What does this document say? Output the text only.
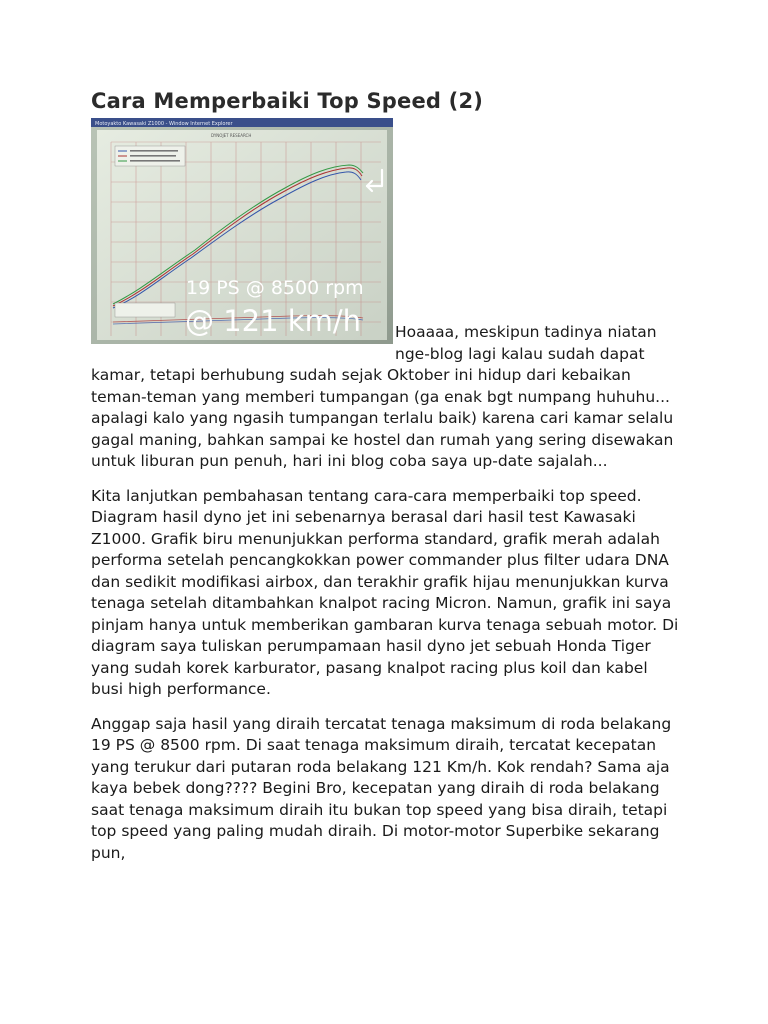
Cara Memperbaiki Top Speed (2)
Motoyakto Kawasaki Z1000 - Window Internet Explorer
DYNOJET RESEARCH
19 PS @ 8500 rpm
@ 121 km/h	Hoaaaa, meskipun tadinya niatan nge-blog lagi kalau sudah dapat kamar, tetapi berhubung sudah sejak Oktober ini hidup dari kebaikan teman-teman yang memberi tumpangan (ga enak bgt numpang huhuhu... apalagi kalo yang ngasih tumpangan terlalu baik) karena cari kamar selalu gagal maning, bahkan sampai ke hostel dan rumah yang sering disewakan untuk liburan pun penuh, hari ini blog coba saya up-date sajalah...

Kita lanjutkan pembahasan tentang cara-cara memperbaiki top speed. Diagram hasil dyno jet ini sebenarnya berasal dari hasil test Kawasaki Z1000. Grafik biru menunjukkan performa standard, grafik merah adalah performa setelah pencangkokkan power commander plus filter udara DNA dan sedikit modifikasi airbox, dan terakhir grafik hijau menunjukkan kurva tenaga setelah ditambahkan knalpot racing Micron. Namun, grafik ini saya pinjam hanya untuk memberikan gambaran kurva tenaga sebuah motor. Di diagram saya tuliskan perumpamaan hasil dyno jet sebuah Honda Tiger yang sudah korek karburator, pasang knalpot racing plus koil dan kabel busi high performance.

Anggap saja hasil yang diraih tercatat tenaga maksimum di roda belakang 19 PS @ 8500 rpm. Di saat tenaga maksimum diraih, tercatat kecepatan yang terukur dari putaran roda belakang 121 Km/h. Kok rendah? Sama aja kaya bebek dong???? Begini Bro, kecepatan yang diraih di roda belakang saat tenaga maksimum diraih itu bukan top speed yang bisa diraih, tetapi top speed yang paling mudah diraih. Di motor-motor Superbike sekarang pun,
